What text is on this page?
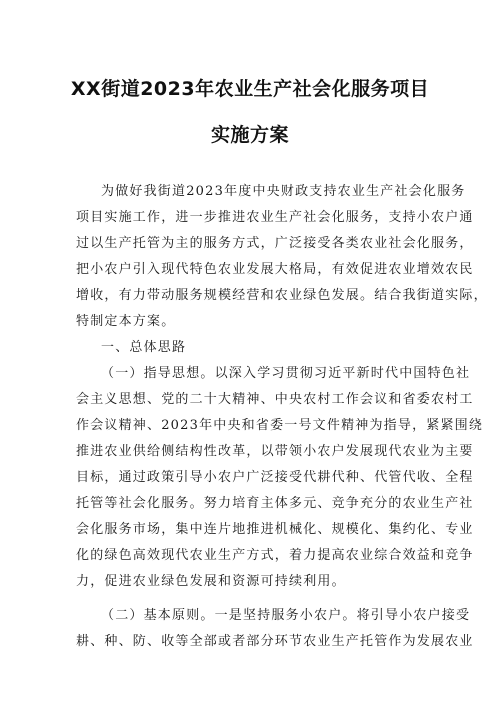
XX街道2023年农业生产社会化服务项目
实施方案
为做好我街道2023年度中央财政支持农业生产社会化服务
项目实施工作，进一步推进农业生产社会化服务，支持小农户通
过以生产托管为主的服务方式，广泛接受各类农业社会化服务，
把小农户引入现代特色农业发展大格局，有效促进农业增效农民
增收，有力带动服务规模经营和农业绿色发展。结合我街道实际，
特制定本方案。
一、总体思路
（一）指导思想。以深入学习贯彻习近平新时代中国特色社
会主义思想、党的二十大精神、中央农村工作会议和省委农村工
作会议精神、2023年中央和省委一号文件精神为指导，紧紧围绕
推进农业供给侧结构性改革，以带领小农户发展现代农业为主要
目标，通过政策引导小农户广泛接受代耕代种、代管代收、全程
托管等社会化服务。努力培育主体多元、竞争充分的农业生产社
会化服务市场，集中连片地推进机械化、规模化、集约化、专业
化的绿色高效现代农业生产方式，着力提高农业综合效益和竞争
力，促进农业绿色发展和资源可持续利用。
（二）基本原则。一是坚持服务小农户。将引导小农户接受
耕、种、防、收等全部或者部分环节农业生产托管作为发展农业
